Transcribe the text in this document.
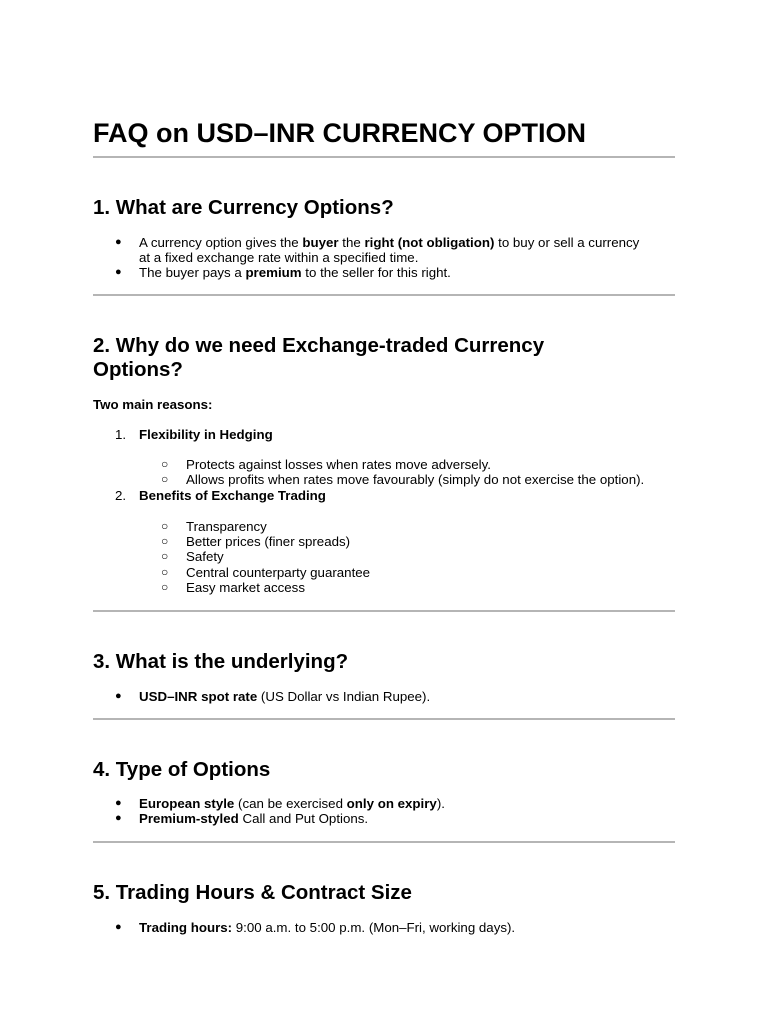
FAQ on USD–INR CURRENCY OPTION
1. What are Currency Options?
● A currency option gives the buyer the right (not obligation) to buy or sell a currency
at a fixed exchange rate within a specified time.
● The buyer pays a premium to the seller for this right.
2. Why do we need Exchange-traded Currency
Options?
Two main reasons:
1. Flexibility in Hedging
○ Protects against losses when rates move adversely.
○ Allows profits when rates move favourably (simply do not exercise the option).
2. Benefits of Exchange Trading
○ Transparency
○ Better prices (finer spreads)
○ Safety
○ Central counterparty guarantee
○ Easy market access
3. What is the underlying?
● USD–INR spot rate (US Dollar vs Indian Rupee).
4. Type of Options
● European style (can be exercised only on expiry).
● Premium-styled Call and Put Options.
5. Trading Hours & Contract Size
● Trading hours: 9:00 a.m. to 5:00 p.m. (Mon–Fri, working days).
